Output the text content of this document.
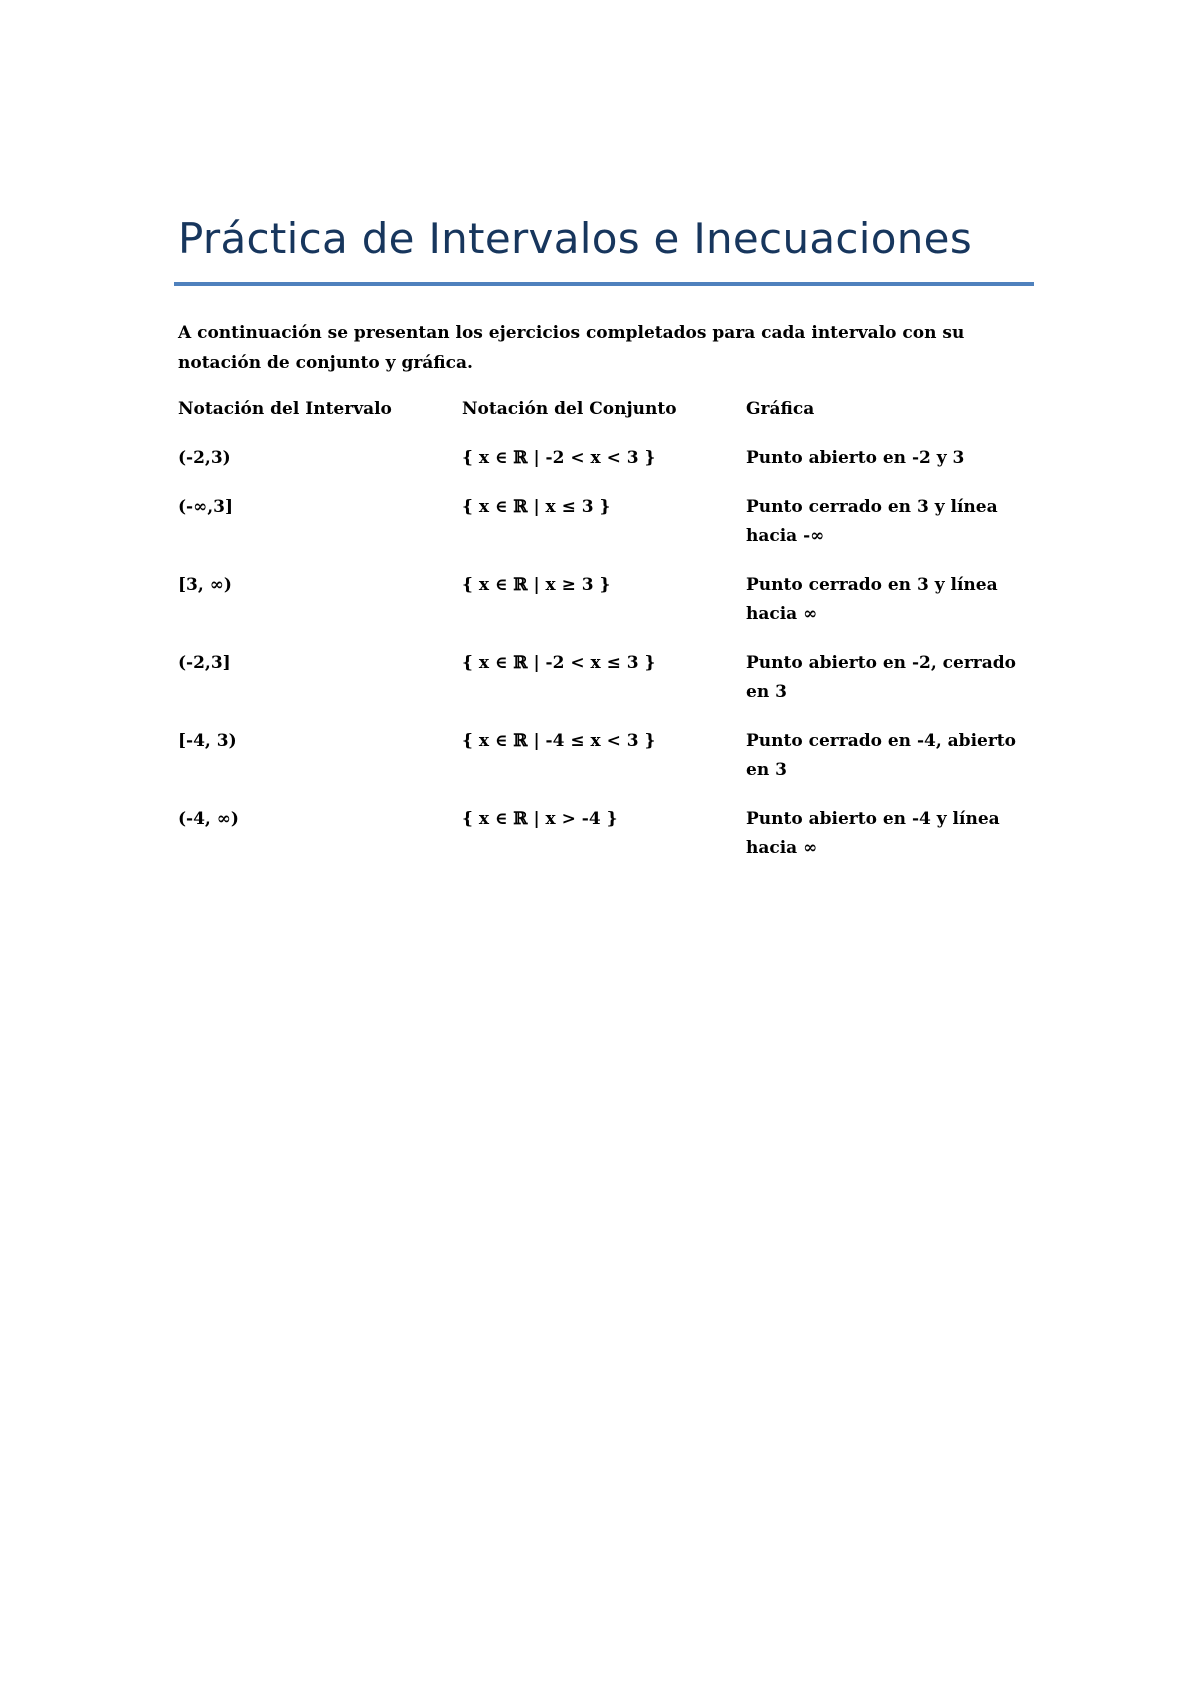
Práctica de Intervalos e Inecuaciones
A continuación se presentan los ejercicios completados para cada intervalo con su notación de conjunto y gráfica.
Notación del Intervalo	Notación del Conjunto	Gráfica
(-2,3)	{ x ∈ ℝ | -2 < x < 3 }	Punto abierto en -2 y 3
(-∞,3]	{ x ∈ ℝ | x ≤ 3 }	Punto cerrado en 3 y línea hacia -∞
[3, ∞)	{ x ∈ ℝ | x ≥ 3 }	Punto cerrado en 3 y línea hacia ∞
(-2,3]	{ x ∈ ℝ | -2 < x ≤ 3 }	Punto abierto en -2, cerrado en 3
[-4, 3)	{ x ∈ ℝ | -4 ≤ x < 3 }	Punto cerrado en -4, abierto en 3
(-4, ∞)	{ x ∈ ℝ | x > -4 }	Punto abierto en -4 y línea hacia ∞
